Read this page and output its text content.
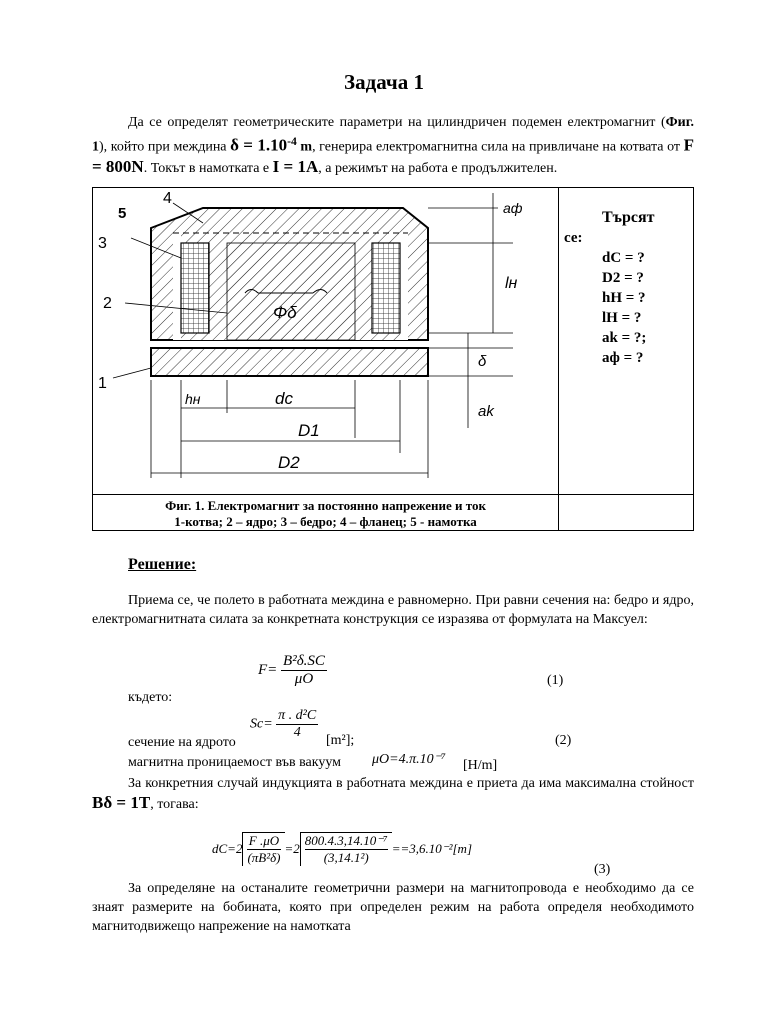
Задача 1
Да се определят геометрическите параметри на цилиндричен подемен електромагнит (Фиг. 1), който при междина $\delta = 1.10^{-4}$ m, генерира електромагнитна сила на привличане на котвата от F = 800N. Токът в намотката е I = 1A, а режимът на работа е продължителен.
5
4
3
2
1
Φδ
hн	dc
D1
D2
aф
lн
δ
ak
Търсят
се:
dC = ?
D2 = ?
hН = ?
lН = ?
ak = ?;
aф = ?
Фиг. 1. Електромагнит за постоянно напрежение и ток
1-котва; 2 – ядро; 3 – бедро; 4 – фланец; 5 - намотка
Решение:
Приема се, че полето в работната междина е равномерно. При равни сечения на: бедро и ядро, електромагнитната силата за конкретната конструкция се изразява от формулата на Максуел:
$F= \frac{\text{B²δ.SC}}{\mu O}$	(1)
където:
$Sc= \frac{\text{π . d²C}}{4}$
сечение на ядрото	[m²];	(2)
магнитна проницаемост във вакуум μO=4.π.10⁻⁷ [H/m]
За конкретния случай индукцията в работната междина е приета да има максимална стойност Bδ = 1T, тогава:
$dC=2 \frac{F .\mu O}{\text{(πB²δ)}} =2 \frac{\text{800.4.3,14.10⁻⁷}}{\text{(3,14.1²)}} ==3,6.10^{-2}[m]$
(3)
За определяне на останалите геометрични размери на магнитопровода е необходимо да се знаят размерите на бобината, която при определен режим на работа определя необходимото магнитодвижещо напрежение на намотката
